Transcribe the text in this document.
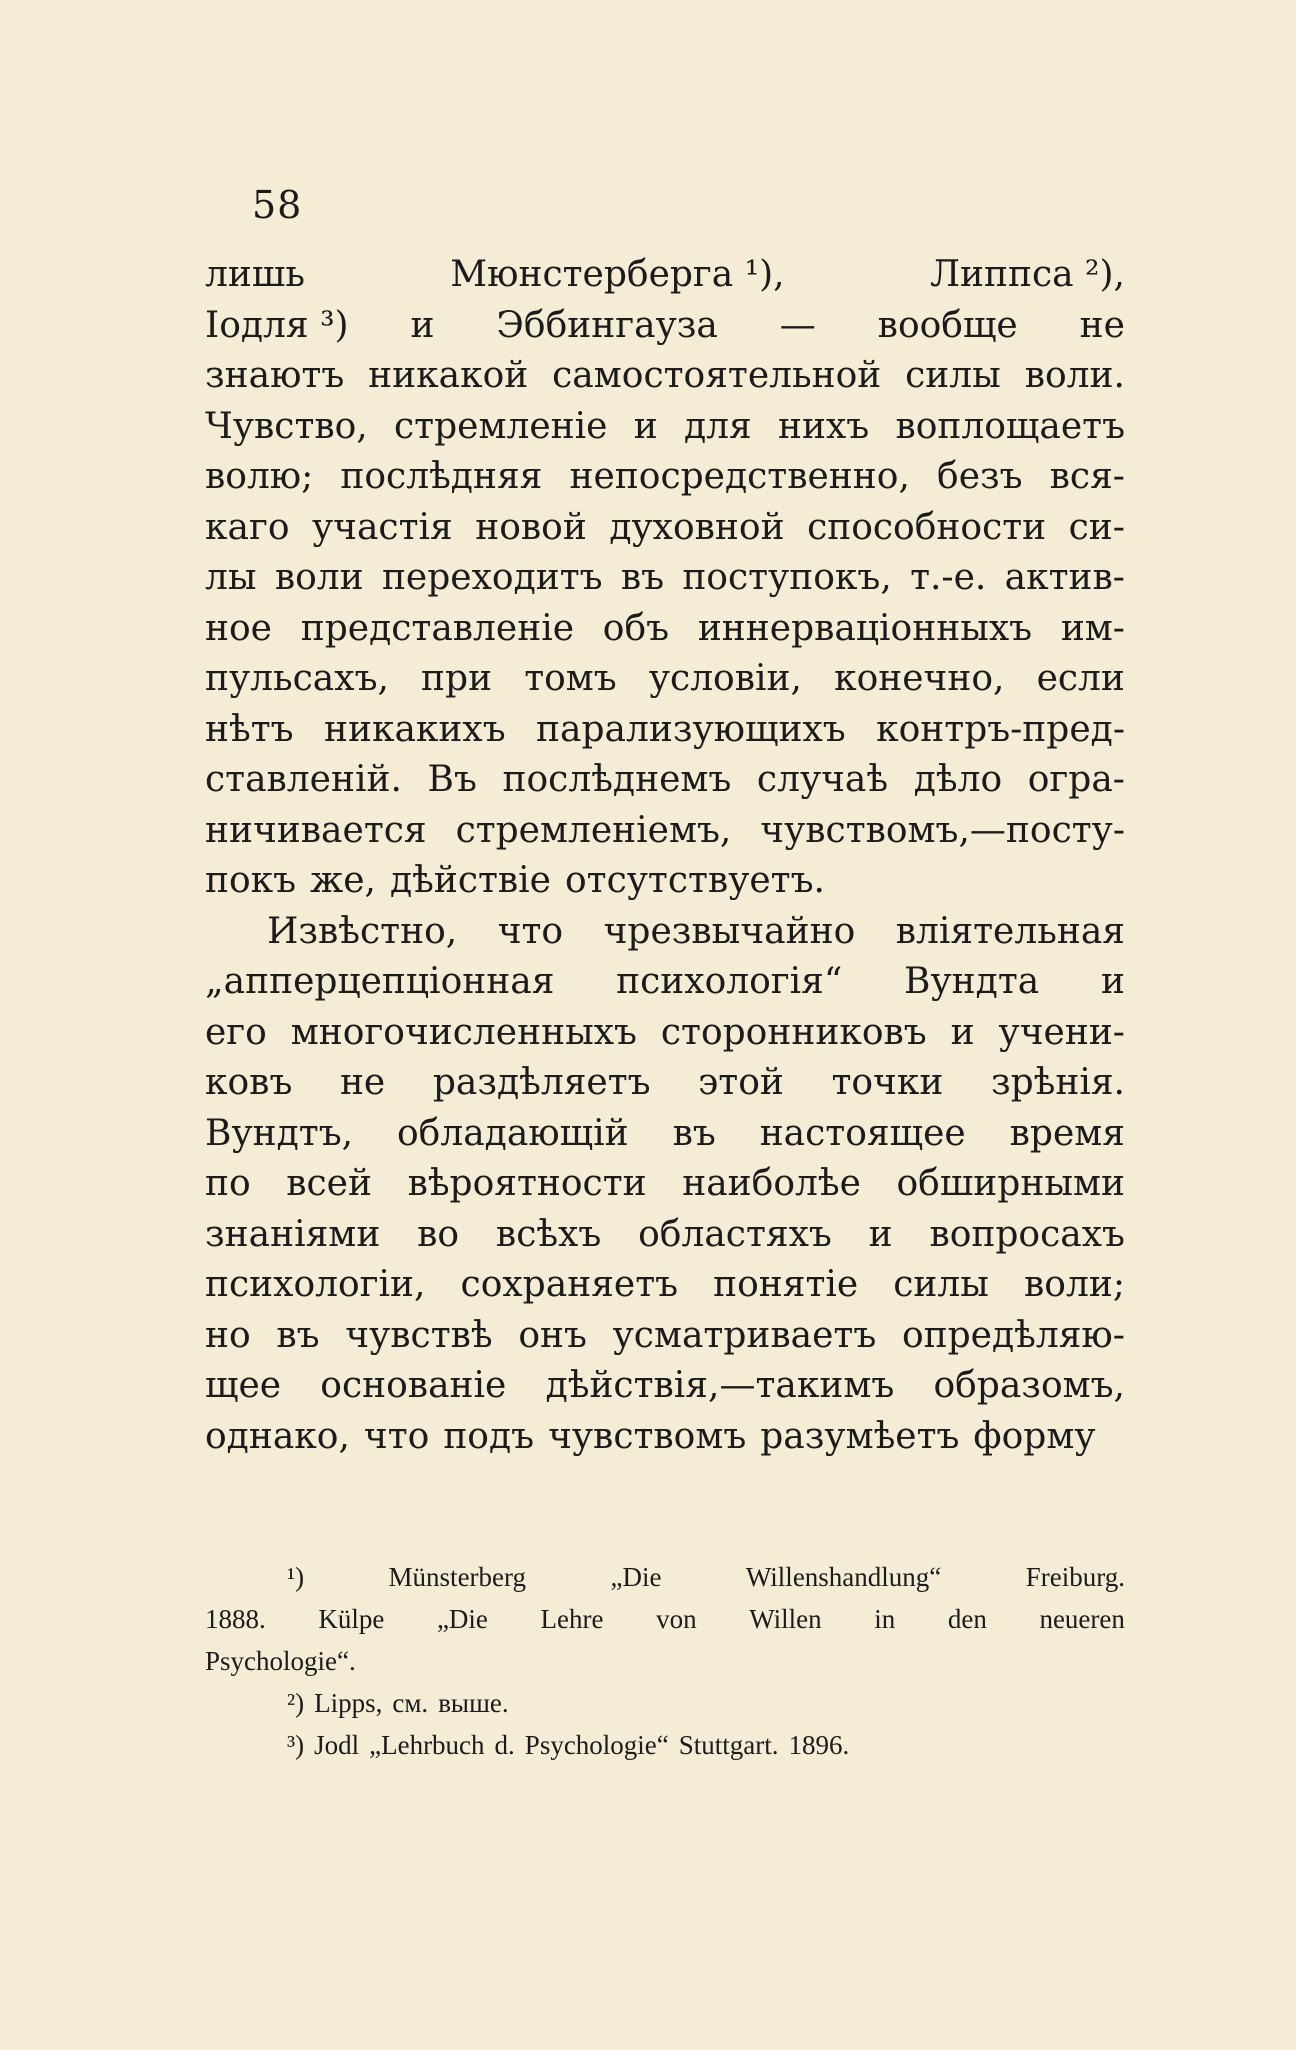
58
лишь	Мюнстерберга ¹),	Липпса ²),
Іодля ³) и Эббингауза — вообще не
знаютъ никакой самостоятельной силы воли.
Чувство, стремленіе и для нихъ воплощаетъ
волю; послѣдняя непосредственно, безъ вся-
каго участія новой духовной способности си-
лы воли переходитъ въ поступокъ, т.-е. актив-
ное представленіе объ иннерваціонныхъ им-
пульсахъ, при томъ условіи, конечно, если
нѣтъ никакихъ парализующихъ контръ-пред-
ставленій. Въ послѣднемъ случаѣ дѣло огра-
ничивается стремленіемъ, чувствомъ,—посту-
покъ же, дѣйствіе отсутствуетъ.
Извѣстно, что чрезвычайно вліятельная
„апперцепціонная психологія“ Вундта и
его многочисленныхъ сторонниковъ и учени-
ковъ не раздѣляетъ этой точки зрѣнія.
Вундтъ, обладающій въ настоящее время
по всей вѣроятности наиболѣе обширными
знаніями во всѣхъ областяхъ и вопросахъ
психологіи, сохраняетъ понятіе силы воли;
но въ чувствѣ онъ усматриваетъ опредѣляю-
щее основаніе дѣйствія,—такимъ образомъ,
однако, что подъ чувствомъ разумѣетъ форму
¹)	Münsterberg	„Die	Willenshandlung“	Freiburg.
1888. Külpe „Die Lehre von Willen in den neueren
Psychologie“.
²) Lipps, см. выше.
³) Jodl „Lehrbuch d. Psychologie“ Stuttgart. 1896.
